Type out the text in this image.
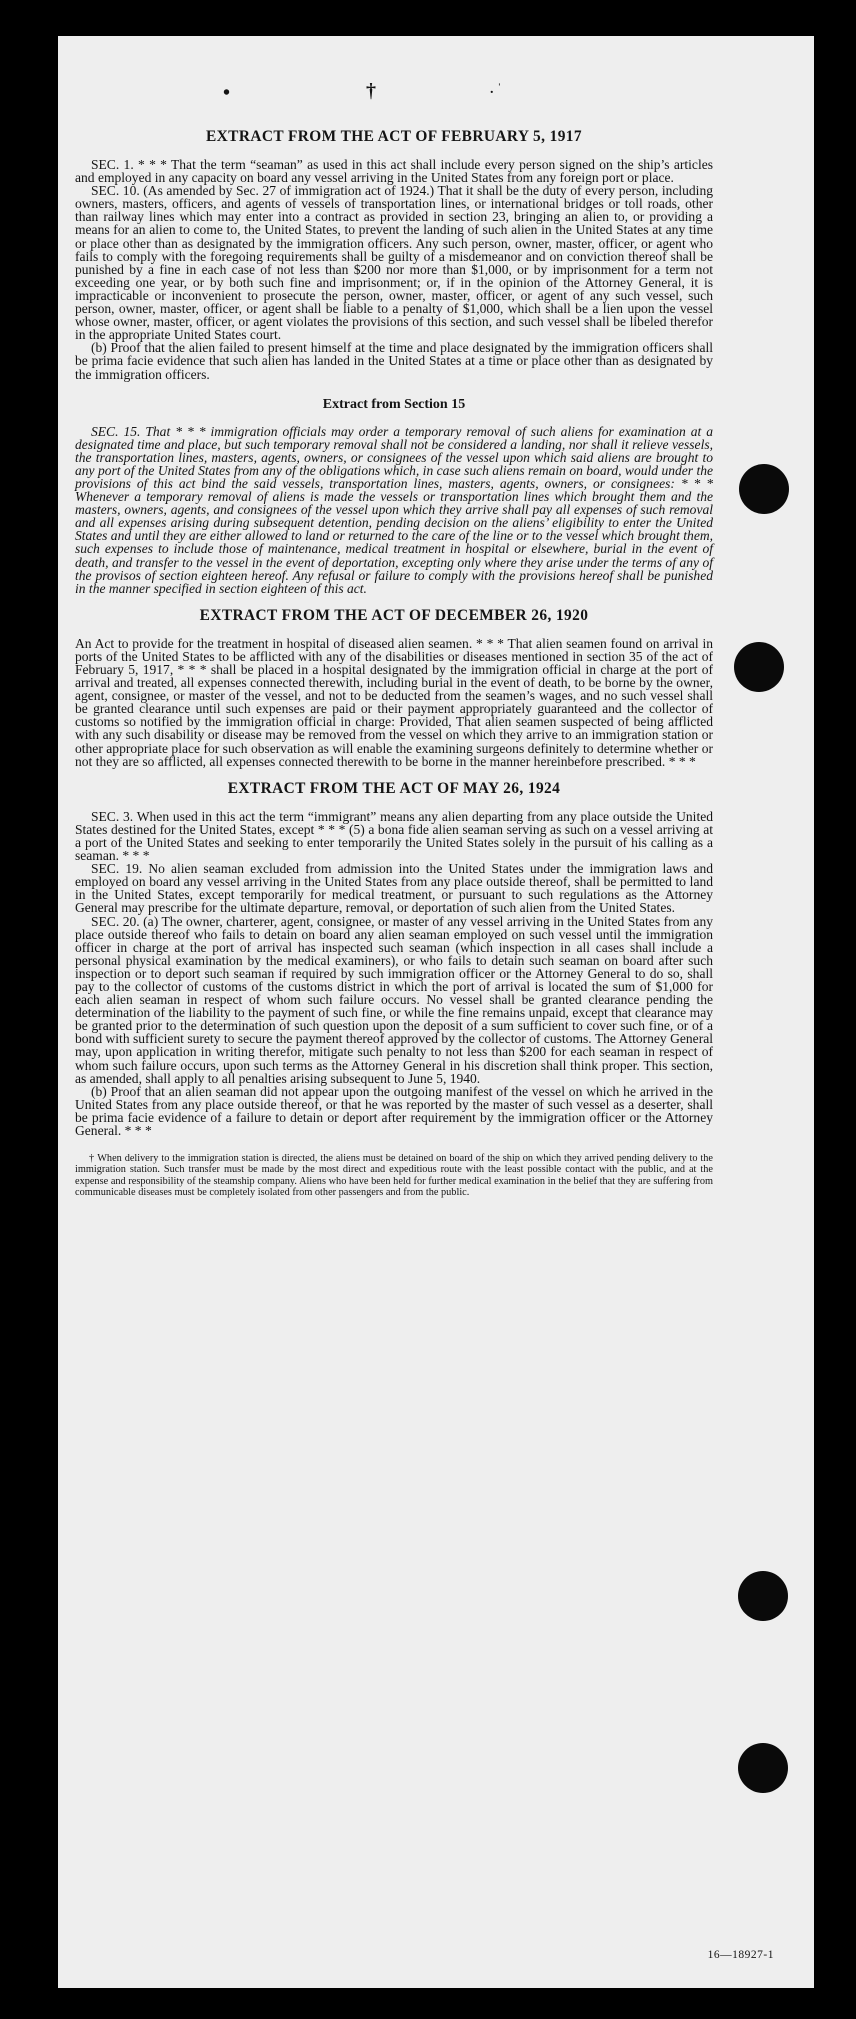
•	†	. ˈ
EXTRACT FROM THE ACT OF FEBRUARY 5, 1917

SEC. 1. * * * That the term “seaman” as used in this act shall include every person signed on the ship’s articles and employed in any capacity on board any vessel arriving in the United States from any foreign port or place.

SEC. 10. (As amended by Sec. 27 of immigration act of 1924.) That it shall be the duty of every person, including owners, masters, officers, and agents of vessels of transportation lines, or international bridges or toll roads, other than railway lines which may enter into a contract as provided in section 23, bringing an alien to, or providing a means for an alien to come to, the United States, to prevent the landing of such alien in the United States at any time or place other than as designated by the immigration officers. Any such person, owner, master, officer, or agent who fails to comply with the foregoing requirements shall be guilty of a misdemeanor and on conviction thereof shall be punished by a fine in each case of not less than $200 nor more than $1,000, or by imprisonment for a term not exceeding one year, or by both such fine and imprisonment; or, if in the opinion of the Attorney General, it is impracticable or inconvenient to prosecute the person, owner, master, officer, or agent of any such vessel, such person, owner, master, officer, or agent shall be liable to a penalty of $1,000, which shall be a lien upon the vessel whose owner, master, officer, or agent violates the provisions of this section, and such vessel shall be libeled therefor in the appropriate United States court.

(b) Proof that the alien failed to present himself at the time and place designated by the immigration officers shall be prima facie evidence that such alien has landed in the United States at a time or place other than as designated by the immigration officers.

Extract from Section 15

SEC. 15. That * * * immigration officials may order a temporary removal of such aliens for examination at a designated time and place, but such temporary removal shall not be considered a landing, nor shall it relieve vessels, the transportation lines, masters, agents, owners, or consignees of the vessel upon which said aliens are brought to any port of the United States from any of the obligations which, in case such aliens remain on board, would under the provisions of this act bind the said vessels, transportation lines, masters, agents, owners, or consignees: * * * Whenever a temporary removal of aliens is made the vessels or transportation lines which brought them and the masters, owners, agents, and consignees of the vessel upon which they arrive shall pay all expenses of such removal and all expenses arising during subsequent detention, pending decision on the aliens’ eligibility to enter the United States and until they are either allowed to land or returned to the care of the line or to the vessel which brought them, such expenses to include those of maintenance, medical treatment in hospital or elsewhere, burial in the event of death, and transfer to the vessel in the event of deportation, excepting only where they arise under the terms of any of the provisos of section eighteen hereof. Any refusal or failure to comply with the provisions hereof shall be punished in the manner specified in section eighteen of this act.

EXTRACT FROM THE ACT OF DECEMBER 26, 1920

An Act to provide for the treatment in hospital of diseased alien seamen. * * * That alien seamen found on arrival in ports of the United States to be afflicted with any of the disabilities or diseases mentioned in section 35 of the act of February 5, 1917, * * * shall be placed in a hospital designated by the immigration official in charge at the port of arrival and treated, all expenses connected therewith, including burial in the event of death, to be borne by the owner, agent, consignee, or master of the vessel, and not to be deducted from the seamen’s wages, and no such vessel shall be granted clearance until such expenses are paid or their payment appropriately guaranteed and the collector of customs so notified by the immigration official in charge: Provided, That alien seamen suspected of being afflicted with any such disability or disease may be removed from the vessel on which they arrive to an immigration station or other appropriate place for such observation as will enable the examining surgeons definitely to determine whether or not they are so afflicted, all expenses connected therewith to be borne in the manner hereinbefore prescribed. * * *

EXTRACT FROM THE ACT OF MAY 26, 1924

SEC. 3. When used in this act the term “immigrant” means any alien departing from any place outside the United States destined for the United States, except * * * (5) a bona fide alien seaman serving as such on a vessel arriving at a port of the United States and seeking to enter temporarily the United States solely in the pursuit of his calling as a seaman. * * *

SEC. 19. No alien seaman excluded from admission into the United States under the immigration laws and employed on board any vessel arriving in the United States from any place outside thereof, shall be permitted to land in the United States, except temporarily for medical treatment, or pursuant to such regulations as the Attorney General may prescribe for the ultimate departure, removal, or deportation of such alien from the United States.

SEC. 20. (a) The owner, charterer, agent, consignee, or master of any vessel arriving in the United States from any place outside thereof who fails to detain on board any alien seaman employed on such vessel until the immigration officer in charge at the port of arrival has inspected such seaman (which inspection in all cases shall include a personal physical examination by the medical examiners), or who fails to detain such seaman on board after such inspection or to deport such seaman if required by such immigration officer or the Attorney General to do so, shall pay to the collector of customs of the customs district in which the port of arrival is located the sum of $1,000 for each alien seaman in respect of whom such failure occurs. No vessel shall be granted clearance pending the determination of the liability to the payment of such fine, or while the fine remains unpaid, except that clearance may be granted prior to the determination of such question upon the deposit of a sum sufficient to cover such fine, or of a bond with sufficient surety to secure the payment thereof approved by the collector of customs. The Attorney General may, upon application in writing therefor, mitigate such penalty to not less than $200 for each seaman in respect of whom such failure occurs, upon such terms as the Attorney General in his discretion shall think proper. This section, as amended, shall apply to all penalties arising subsequent to June 5, 1940.

(b) Proof that an alien seaman did not appear upon the outgoing manifest of the vessel on which he arrived in the United States from any place outside thereof, or that he was reported by the master of such vessel as a deserter, shall be prima facie evidence of a failure to detain or deport after requirement by the immigration officer or the Attorney General. * * *

† When delivery to the immigration station is directed, the aliens must be detained on board of the ship on which they arrived pending delivery to the immigration station. Such transfer must be made by the most direct and expeditious route with the least possible contact with the public, and at the expense and responsibility of the steamship company. Aliens who have been held for further medical examination in the belief that they are suffering from communicable diseases must be completely isolated from other passengers and from the public.
16—18927-1
